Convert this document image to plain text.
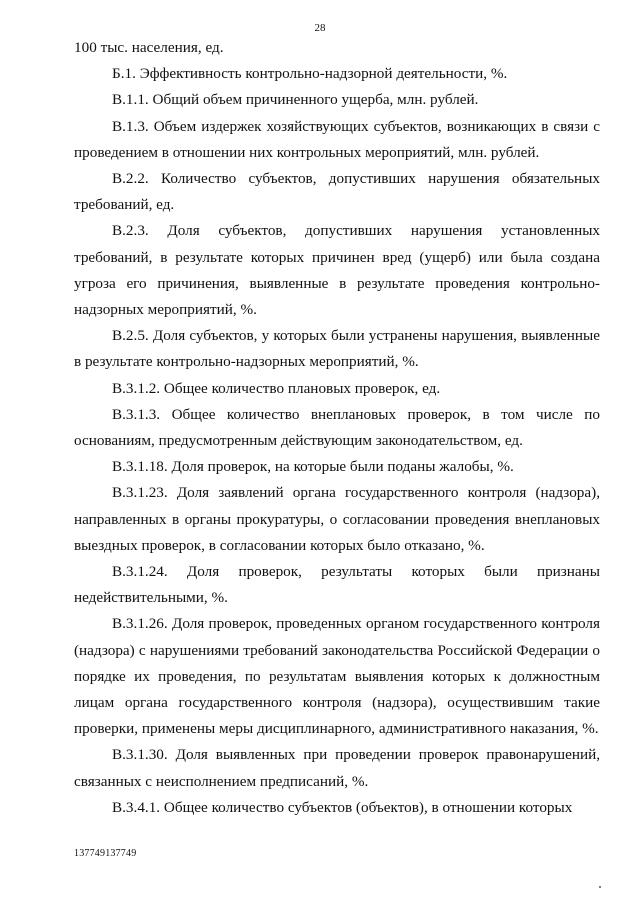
28

100 тыс. населения, ед.

Б.1. Эффективность контрольно-надзорной деятельности, %.

В.1.1. Общий объем причиненного ущерба, млн. рублей.

В.1.3. Объем издержек хозяйствующих субъектов, возникающих в связи с проведением в отношении них контрольных мероприятий, млн. рублей.

В.2.2. Количество субъектов, допустивших нарушения обязательных требований, ед.

В.2.3. Доля субъектов, допустивших нарушения установленных требований, в результате которых причинен вред (ущерб) или была создана угроза его причинения, выявленные в результате проведения контрольно-надзорных мероприятий, %.

В.2.5. Доля субъектов, у которых были устранены нарушения, выявленные в результате контрольно-надзорных мероприятий, %.

В.3.1.2. Общее количество плановых проверок, ед.

В.3.1.3. Общее количество внеплановых проверок, в том числе по основаниям, предусмотренным действующим законодательством, ед.

В.3.1.18. Доля проверок, на которые были поданы жалобы, %.

В.3.1.23. Доля заявлений органа государственного контроля (надзора), направленных в органы прокуратуры, о согласовании проведения внеплановых выездных проверок, в согласовании которых было отказано, %.

В.3.1.24. Доля проверок, результаты которых были признаны недействительными, %.

В.3.1.26. Доля проверок, проведенных органом государственного контроля (надзора) с нарушениями требований законодательства Российской Федерации о порядке их проведения, по результатам выявления которых к должностным лицам органа государственного контроля (надзора), осуществившим такие проверки, применены меры дисциплинарного, административного наказания, %.

В.3.1.30. Доля выявленных при проведении проверок правонарушений, связанных с неисполнением предписаний, %.

В.3.4.1. Общее количество субъектов (объектов), в отношении которых

137749137749
